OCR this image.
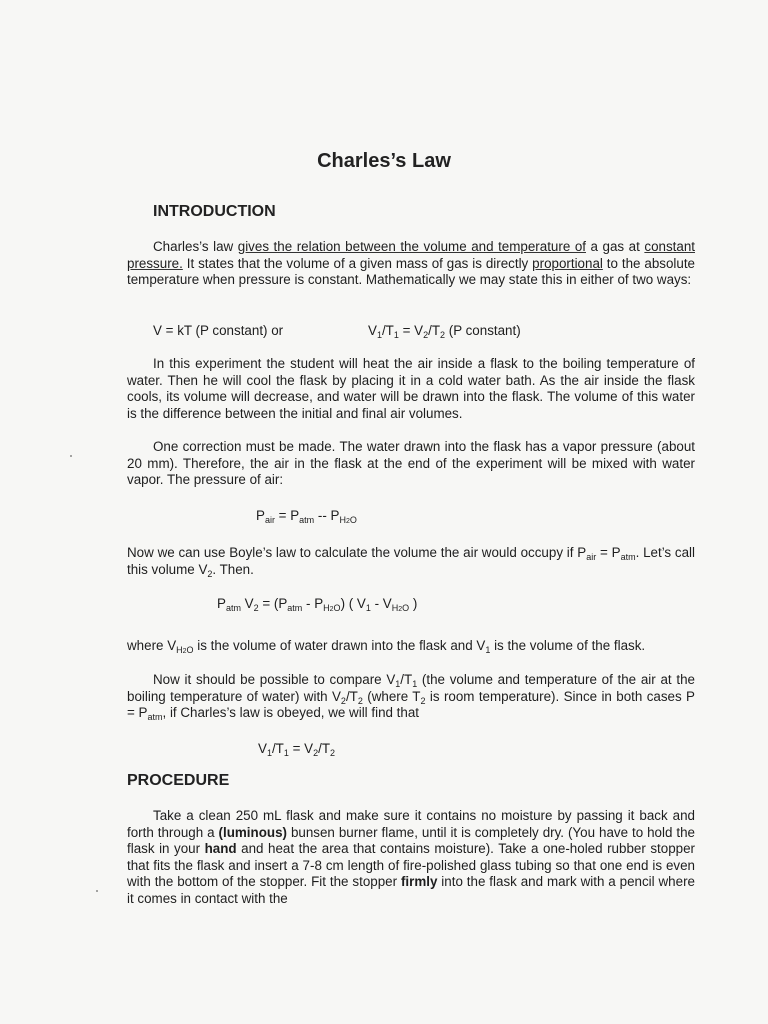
Charles’s Law
INTRODUCTION
Charles’s law gives the relation between the volume and temperature of a gas at constant pressure. It states that the volume of a given mass of gas is directly proportional to the absolute temperature when pressure is constant. Mathematically we may state this in either of two ways:
V = kT (P constant) or	$V_1/T_1 = V_2/T_2$ (P constant)
In this experiment the student will heat the air inside a flask to the boiling temperature of water. Then he will cool the flask by placing it in a cold water bath. As the air inside the flask cools, its volume will decrease, and water will be drawn into the flask. The volume of this water is the difference between the initial and final air volumes.
One correction must be made. The water drawn into the flask has a vapor pressure (about 20 mm). Therefore, the air in the flask at the end of the experiment will be mixed with water vapor. The pressure of air:
$P_{air} = P_{atm} -- P_{H2O}$
Now we can use Boyle’s law to calculate the volume the air would occupy if $P_{air} = P_{atm}$. Let’s call this volume $V_2$. Then.
$P_{atm}$ $V_2 = (P_{atm} - P_{H2O})$ ( $V_1 - V_{H2O}$ )
where $V_{H2O}$ is the volume of water drawn into the flask and $V_1$ is the volume of the flask.
Now it should be possible to compare $V_1/T_1$ (the volume and temperature of the air at the boiling temperature of water) with $V_2/T_2$ (where $T_2$ is room temperature). Since in both cases $P = P_{atm}$, if Charles’s law is obeyed, we will find that
$V_1/T_1 = V_2/T_2$
PROCEDURE
Take a clean 250 mL flask and make sure it contains no moisture by passing it back and forth through a (luminous) bunsen burner flame, until it is completely dry. (You have to hold the flask in your hand and heat the area that contains moisture). Take a one-holed rubber stopper that fits the flask and insert a 7-8 cm length of fire-polished glass tubing so that one end is even with the bottom of the stopper. Fit the stopper firmly into the flask and mark with a pencil where it comes in contact with the
